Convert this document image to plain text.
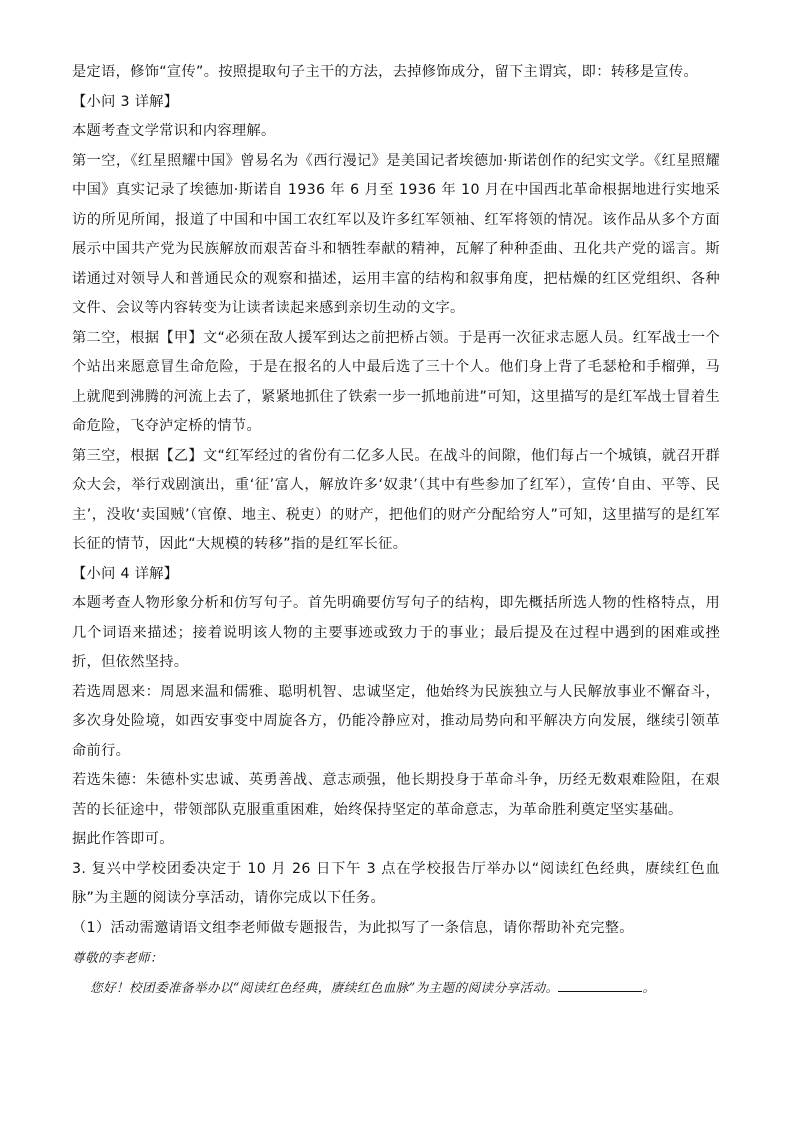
是定语，修饰“宣传”。按照提取句子主干的方法，去掉修饰成分，留下主谓宾，即：转移是宣传。

【小问 3 详解】

本题考查文学常识和内容理解。

第一空，《红星照耀中国》曾易名为《西行漫记》是美国记者埃德加·斯诺创作的纪实文学。《红星照耀中国》真实记录了埃德加·斯诺自 1936 年 6 月至 1936 年 10 月在中国西北革命根据地进行实地采访的所见所闻，报道了中国和中国工农红军以及许多红军领袖、红军将领的情况。该作品从多个方面展示中国共产党为民族解放而艰苦奋斗和牺牲奉献的精神，瓦解了种种歪曲、丑化共产党的谣言。斯诺通过对领导人和普通民众的观察和描述，运用丰富的结构和叙事角度，把枯燥的红区党组织、各种文件、会议等内容转变为让读者读起来感到亲切生动的文字。

第二空，根据【甲】文“必须在敌人援军到达之前把桥占领。于是再一次征求志愿人员。红军战士一个个站出来愿意冒生命危险，于是在报名的人中最后选了三十个人。他们身上背了毛瑟枪和手榴弹，马上就爬到沸腾的河流上去了，紧紧地抓住了铁索一步一抓地前进”可知，这里描写的是红军战士冒着生命危险，飞夺泸定桥的情节。

第三空，根据【乙】文“红军经过的省份有二亿多人民。在战斗的间隙，他们每占一个城镇，就召开群众大会，举行戏剧演出，重‘征’富人，解放许多‘奴隶’（其中有些参加了红军），宣传‘自由、平等、民主’，没收‘卖国贼’（官僚、地主、税吏）的财产，把他们的财产分配给穷人”可知，这里描写的是红军长征的情节，因此“大规模的转移”指的是红军长征。

【小问 4 详解】

本题考查人物形象分析和仿写句子。首先明确要仿写句子的结构，即先概括所选人物的性格特点，用几个词语来描述；接着说明该人物的主要事迹或致力于的事业；最后提及在过程中遇到的困难或挫折，但依然坚持。

若选周恩来：周恩来温和儒雅、聪明机智、忠诚坚定，他始终为民族独立与人民解放事业不懈奋斗，多次身处险境，如西安事变中周旋各方，仍能冷静应对，推动局势向和平解决方向发展，继续引领革命前行。

若选朱德：朱德朴实忠诚、英勇善战、意志顽强，他长期投身于革命斗争，历经无数艰难险阻，在艰苦的长征途中，带领部队克服重重困难，始终保持坚定的革命意志，为革命胜利奠定坚实基础。

据此作答即可。

3. 复兴中学校团委决定于 10 月 26 日下午 3 点在学校报告厅举办以“阅读红色经典，赓续红色血脉”为主题的阅读分享活动，请你完成以下任务。

（1）活动需邀请语文组李老师做专题报告，为此拟写了一条信息，请你帮助补充完整。

尊敬的李老师：

您好！校团委准备举办以“阅读红色经典，赓续红色血脉”为主题的阅读分享活动。	。
